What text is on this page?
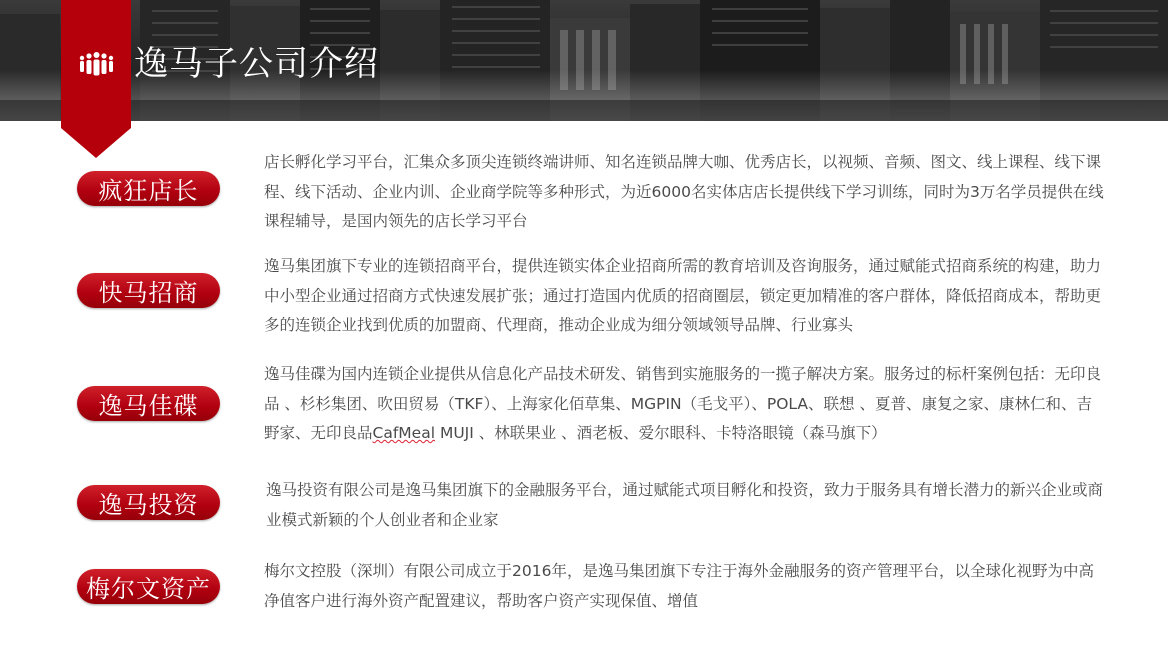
逸马子公司介绍
疯狂店长

店长孵化学习平台，汇集众多顶尖连锁终端讲师、知名连锁品牌大咖、优秀店长，以视频、音频、图文、线上课程、线下课程、线下活动、企业内训、企业商学院等多种形式，为近6000名实体店店长提供线下学习训练，同时为3万名学员提供在线课程辅导，是国内领先的店长学习平台

快马招商

逸马集团旗下专业的连锁招商平台，提供连锁实体企业招商所需的教育培训及咨询服务，通过赋能式招商系统的构建，助力中小型企业通过招商方式快速发展扩张；通过打造国内优质的招商圈层，锁定更加精准的客户群体，降低招商成本，帮助更多的连锁企业找到优质的加盟商、代理商，推动企业成为细分领域领导品牌、行业寡头

逸马佳碟

逸马佳碟为国内连锁企业提供从信息化产品技术研发、销售到实施服务的一揽子解决方案。服务过的标杆案例包括：无印良品 、杉杉集团、吹田贸易（TKF）、上海家化佰草集、MGPIN（毛戈平）、POLA、联想 、夏普、康复之家、康林仁和、吉野家、无印良品CafMeal MUJI 、林联果业 、酒老板、爱尔眼科、卡特洛眼镜（森马旗下）

逸马投资

逸马投资有限公司是逸马集团旗下的金融服务平台，通过赋能式项目孵化和投资，致力于服务具有增长潜力的新兴企业或商业模式新颖的个人创业者和企业家

梅尔文资产

梅尔文控股（深圳）有限公司成立于2016年，是逸马集团旗下专注于海外金融服务的资产管理平台，以全球化视野为中高净值客户进行海外资产配置建议，帮助客户资产实现保值、增值
